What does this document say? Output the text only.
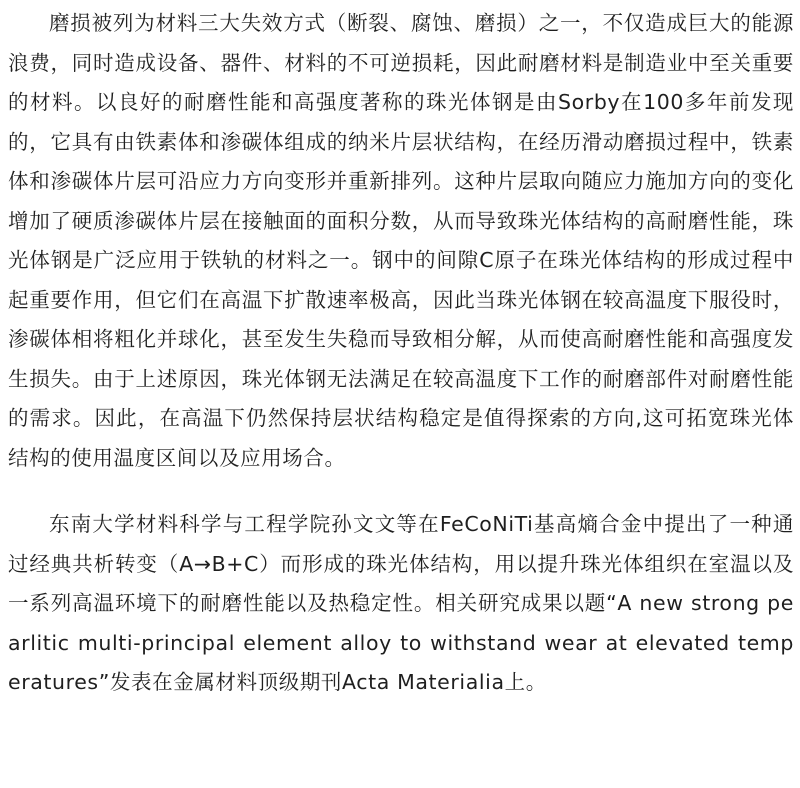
磨损被列为材料三大失效方式（断裂、腐蚀、磨损）之一，不仅造成巨大的能源浪费，同时造成设备、器件、材料的不可逆损耗，因此耐磨材料是制造业中至关重要的材料。以良好的耐磨性能和高强度著称的珠光体钢是由Sorby在100多年前发现的，它具有由铁素体和渗碳体组成的纳米片层状结构，在经历滑动磨损过程中，铁素体和渗碳体片层可沿应力方向变形并重新排列。这种片层取向随应力施加方向的变化增加了硬质渗碳体片层在接触面的面积分数，从而导致珠光体结构的高耐磨性能，珠光体钢是广泛应用于铁轨的材料之一。钢中的间隙C原子在珠光体结构的形成过程中起重要作用，但它们在高温下扩散速率极高，因此当珠光体钢在较高温度下服役时，渗碳体相将粗化并球化，甚至发生失稳而导致相分解，从而使高耐磨性能和高强度发生损失。由于上述原因，珠光体钢无法满足在较高温度下工作的耐磨部件对耐磨性能的需求。因此，在高温下仍然保持层状结构稳定是值得探索的方向,这可拓宽珠光体结构的使用温度区间以及应用场合。

东南大学材料科学与工程学院孙文文等在FeCoNiTi基高熵合金中提出了一种通过经典共析转变（A→B+C）而形成的珠光体结构，用以提升珠光体组织在室温以及一系列高温环境下的耐磨性能以及热稳定性。相关研究成果以题“A new strong pearlitic multi-principal element alloy to withstand wear at elevated temperatures”发表在金属材料顶级期刊Acta Materialia上。
